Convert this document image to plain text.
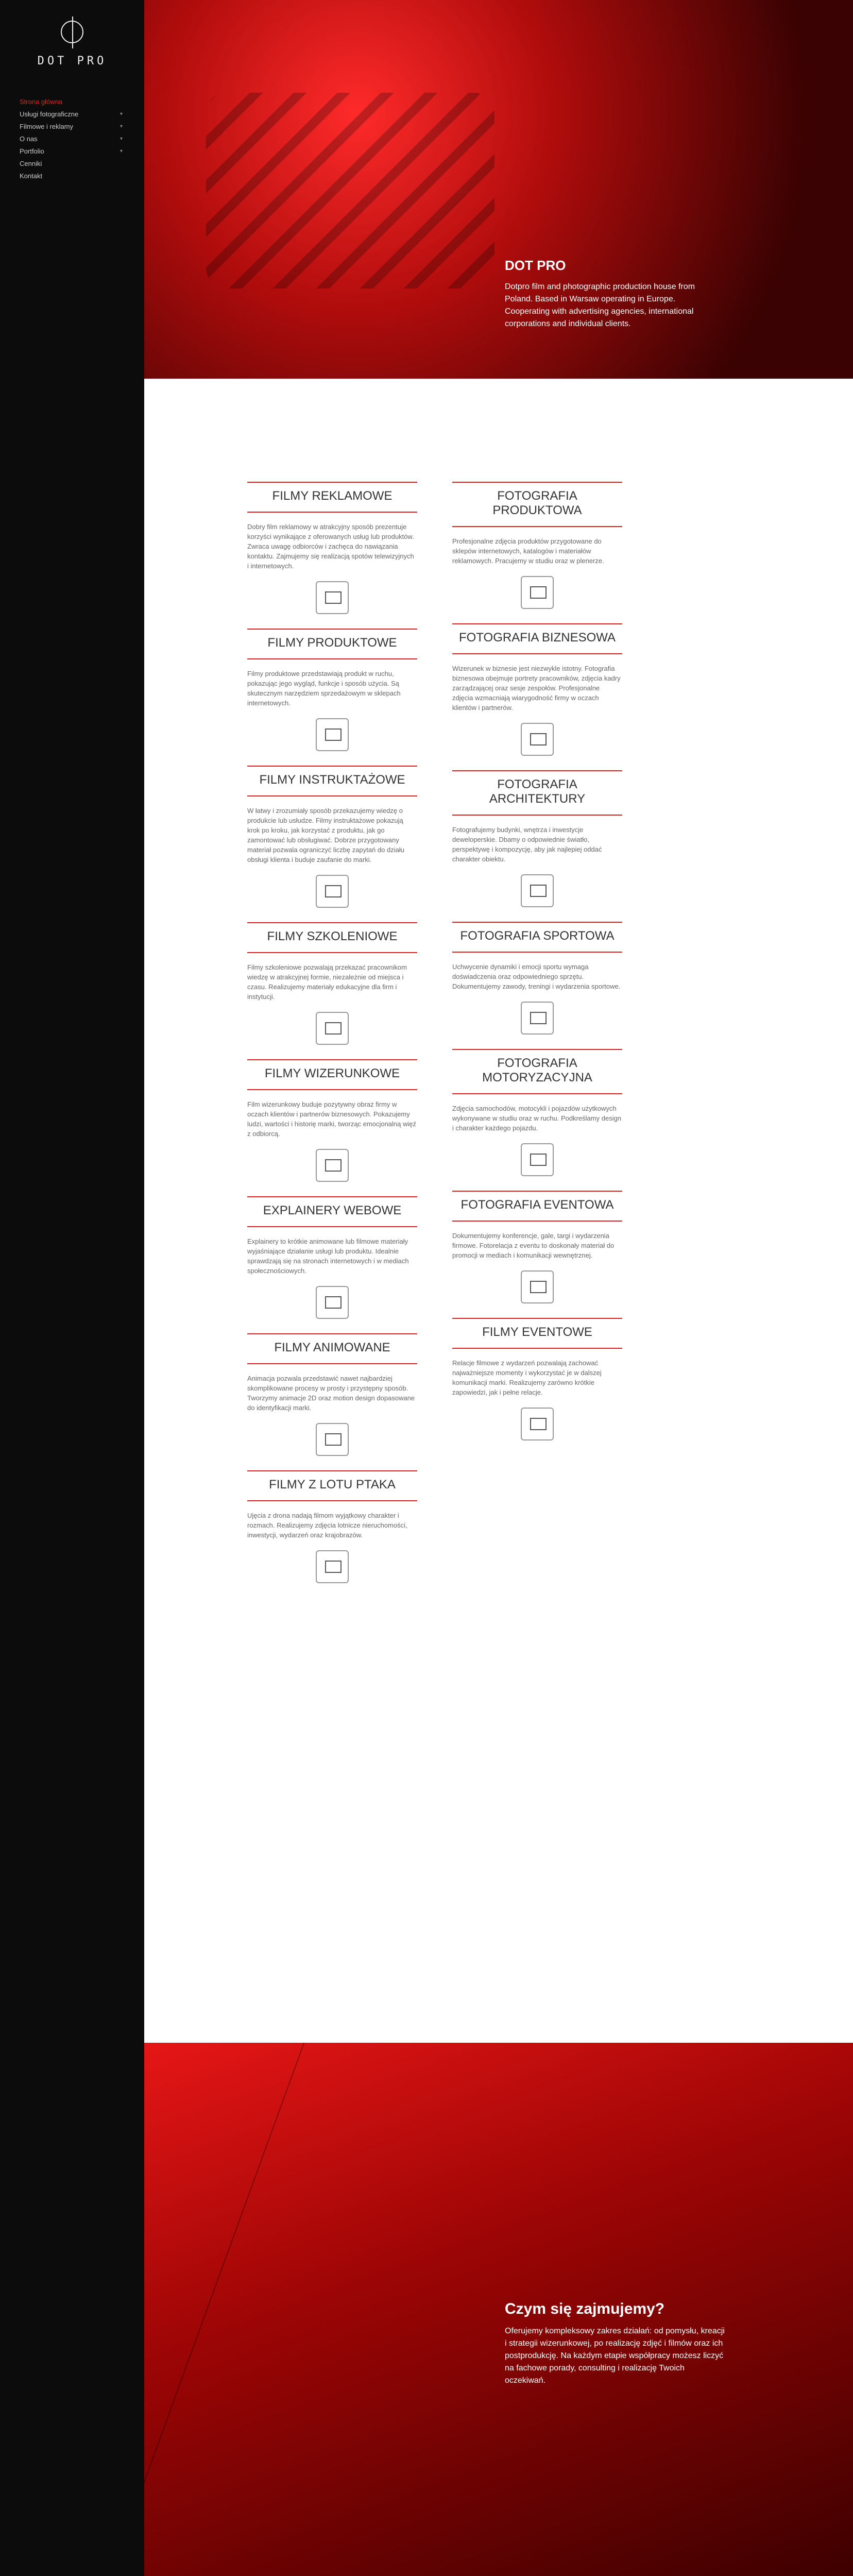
DOT PRO
Strona główna
Usługi fotograficzne	▾
Filmowe i reklamy	▾
O nas	▾
Portfolio	▾
Cenniki
Kontakt
DOT PRO

Dotpro film and photographic production house from Poland. Based in Warsaw operating in Europe. Cooperating with advertising agencies, international corporations and individual clients.

FILMY REKLAMOWE

Dobry film reklamowy w atrakcyjny sposób prezentuje korzyści wynikające z oferowanych usług lub produktów. Zwraca uwagę odbiorców i zachęca do nawiązania kontaktu. Zajmujemy się realizacją spotów telewizyjnych i internetowych.

FILMY PRODUKTOWE

Filmy produktowe przedstawiają produkt w ruchu, pokazując jego wygląd, funkcje i sposób użycia. Są skutecznym narzędziem sprzedażowym w sklepach internetowych.

FILMY INSTRUKTAŻOWE

W łatwy i zrozumiały sposób przekazujemy wiedzę o produkcie lub usłudze. Filmy instruktażowe pokazują krok po kroku, jak korzystać z produktu, jak go zamontować lub obsługiwać. Dobrze przygotowany materiał pozwala ograniczyć liczbę zapytań do działu obsługi klienta i buduje zaufanie do marki.

FILMY SZKOLENIOWE

Filmy szkoleniowe pozwalają przekazać pracownikom wiedzę w atrakcyjnej formie, niezależnie od miejsca i czasu. Realizujemy materiały edukacyjne dla firm i instytucji.

FILMY WIZERUNKOWE

Film wizerunkowy buduje pozytywny obraz firmy w oczach klientów i partnerów biznesowych. Pokazujemy ludzi, wartości i historię marki, tworząc emocjonalną więź z odbiorcą.

EXPLAINERY WEBOWE

Explainery to krótkie animowane lub filmowe materiały wyjaśniające działanie usługi lub produktu. Idealnie sprawdzają się na stronach internetowych i w mediach społecznościowych.

FILMY ANIMOWANE

Animacja pozwala przedstawić nawet najbardziej skomplikowane procesy w prosty i przystępny sposób. Tworzymy animacje 2D oraz motion design dopasowane do identyfikacji marki.

FILMY Z LOTU PTAKA

Ujęcia z drona nadają filmom wyjątkowy charakter i rozmach. Realizujemy zdjęcia lotnicze nieruchomości, inwestycji, wydarzeń oraz krajobrazów.

FOTOGRAFIA PRODUKTOWA

Profesjonalne zdjęcia produktów przygotowane do sklepów internetowych, katalogów i materiałów reklamowych. Pracujemy w studiu oraz w plenerze.

FOTOGRAFIA BIZNESOWA

Wizerunek w biznesie jest niezwykle istotny. Fotografia biznesowa obejmuje portrety pracowników, zdjęcia kadry zarządzającej oraz sesje zespołów. Profesjonalne zdjęcia wzmacniają wiarygodność firmy w oczach klientów i partnerów.

FOTOGRAFIA ARCHITEKTURY

Fotografujemy budynki, wnętrza i inwestycje deweloperskie. Dbamy o odpowiednie światło, perspektywę i kompozycję, aby jak najlepiej oddać charakter obiektu.

FOTOGRAFIA SPORTOWA

Uchwycenie dynamiki i emocji sportu wymaga doświadczenia oraz odpowiedniego sprzętu. Dokumentujemy zawody, treningi i wydarzenia sportowe.

FOTOGRAFIA MOTORYZACYJNA

Zdjęcia samochodów, motocykli i pojazdów użytkowych wykonywane w studiu oraz w ruchu. Podkreślamy design i charakter każdego pojazdu.

FOTOGRAFIA EVENTOWA

Dokumentujemy konferencje, gale, targi i wydarzenia firmowe. Fotorelacja z eventu to doskonały materiał do promocji w mediach i komunikacji wewnętrznej.

FILMY EVENTOWE

Relacje filmowe z wydarzeń pozwalają zachować najważniejsze momenty i wykorzystać je w dalszej komunikacji marki. Realizujemy zarówno krótkie zapowiedzi, jak i pełne relacje.

Czym się zajmujemy?

Oferujemy kompleksowy zakres działań: od pomysłu, kreacji i strategii wizerunkowej, po realizację zdjęć i filmów oraz ich postprodukcję. Na każdym etapie współpracy możesz liczyć na fachowe porady, consulting i realizację Twoich oczekiwań.
